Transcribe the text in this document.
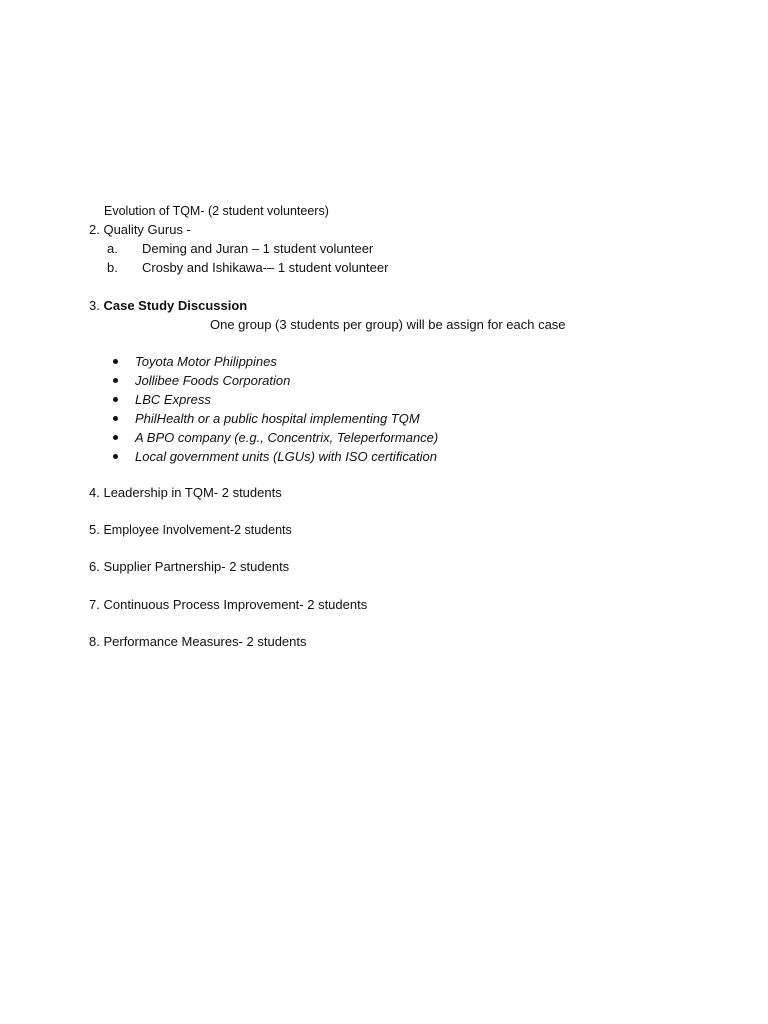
Evolution of TQM- (2 student volunteers)
2. Quality Gurus -
a. Deming and Juran – 1 student volunteer
b. Crosby and Ishikawa-– 1 student volunteer
3. Case Study Discussion
One group (3 students per group) will be assign for each case
Toyota Motor Philippines
Jollibee Foods Corporation
LBC Express
PhilHealth or a public hospital implementing TQM
A BPO company (e.g., Concentrix, Teleperformance)
Local government units (LGUs) with ISO certification
4. Leadership in TQM- 2 students
5. Employee Involvement-2 students
6. Supplier Partnership- 2 students
7. Continuous Process Improvement- 2 students
8. Performance Measures- 2 students
